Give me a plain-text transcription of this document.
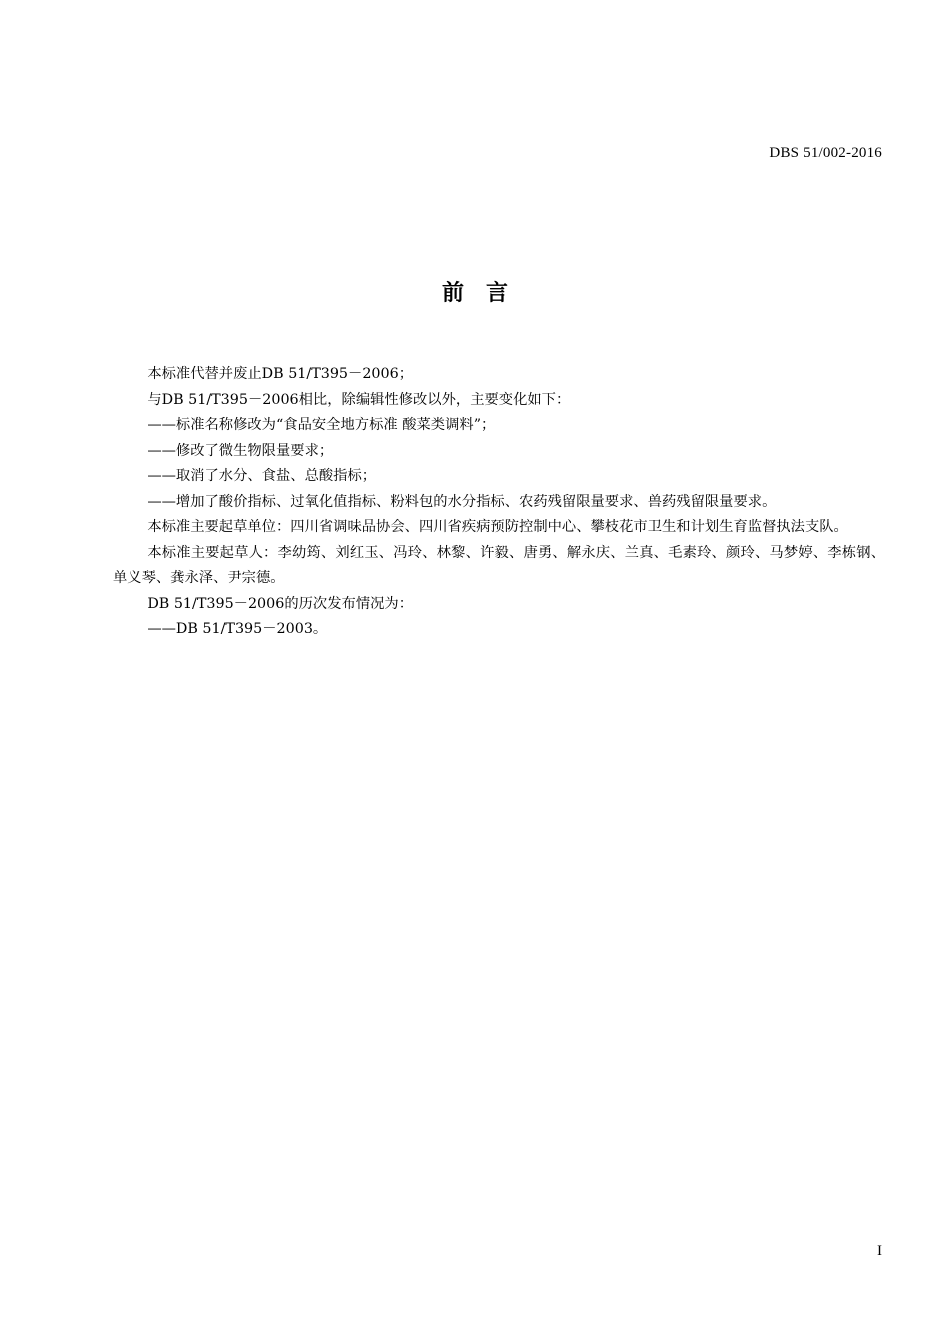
DBS 51/002-2016
前言

本标准代替并废止DB 51/T395－2006；

与DB 51/T395－2006相比，除编辑性修改以外，主要变化如下：

——标准名称修改为“食品安全地方标准 酸菜类调料”；

——修改了微生物限量要求；

——取消了水分、食盐、总酸指标；

——增加了酸价指标、过氧化值指标、粉料包的水分指标、农药残留限量要求、兽药残留限量要求。

本标准主要起草单位：四川省调味品协会、四川省疾病预防控制中心、攀枝花市卫生和计划生育监督执法支队。

本标准主要起草人：李幼筠、刘红玉、冯玲、林黎、许毅、唐勇、解永庆、兰真、毛素玲、颜玲、马梦婷、李栋钢、单义琴、龚永泽、尹宗德。

DB 51/T395－2006的历次发布情况为：

——DB 51/T395－2003。

I
